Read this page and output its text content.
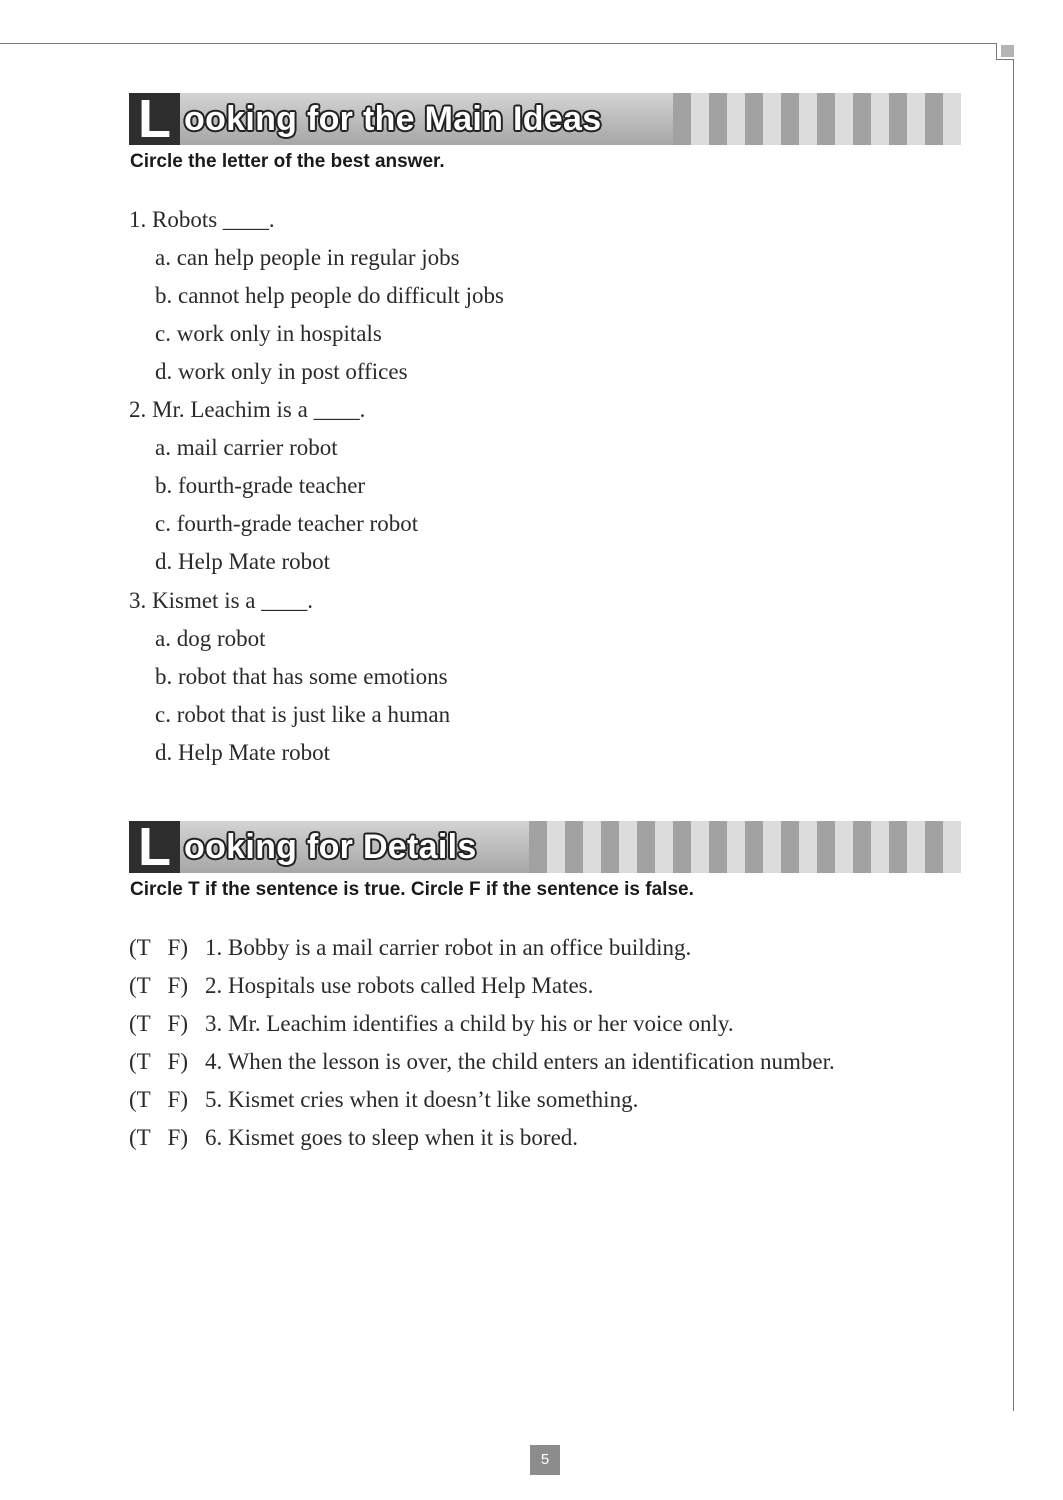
L ooking for the Main Ideas
Circle the letter of the best answer.
1. Robots ____.
a. can help people in regular jobs
b. cannot help people do difficult jobs
c. work only in hospitals
d. work only in post offices
2. Mr. Leachim is a ____.
a. mail carrier robot
b. fourth-grade teacher
c. fourth-grade teacher robot
d. Help Mate robot
3. Kismet is a ____.
a. dog robot
b. robot that has some emotions
c. robot that is just like a human
d. Help Mate robot
L ooking for Details
Circle T if the sentence is true. Circle F if the sentence is false.
(T   F) 1. Bobby is a mail carrier robot in an office building.
(T   F) 2. Hospitals use robots called Help Mates.
(T   F) 3. Mr. Leachim identifies a child by his or her voice only.
(T   F) 4. When the lesson is over, the child enters an identification number.
(T   F) 5. Kismet cries when it doesn’t like something.
(T   F) 6. Kismet goes to sleep when it is bored.
5
